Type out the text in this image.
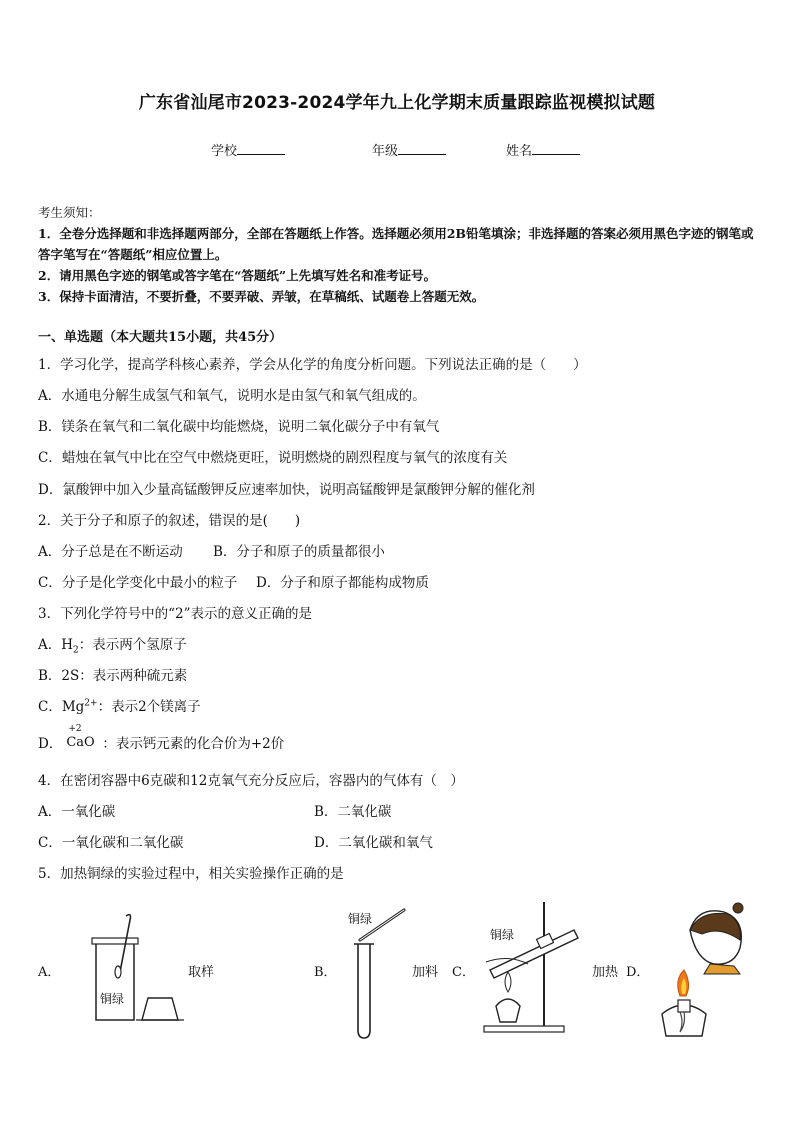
广东省汕尾市2023-2024学年九上化学期末质量跟踪监视模拟试题
学校	年级	姓名
考生须知：
1．全卷分选择题和非选择题两部分，全部在答题纸上作答。选择题必须用2B铅笔填涂；非选择题的答案必须用黑色字迹的钢笔或答字笔写在“答题纸”相应位置上。
2．请用黑色字迹的钢笔或答字笔在“答题纸”上先填写姓名和准考证号。
3．保持卡面清洁，不要折叠，不要弄破、弄皱，在草稿纸、试题卷上答题无效。
一、单选题（本大题共15小题，共45分）
1．学习化学，提高学科核心素养，学会从化学的角度分析问题。下列说法正确的是（　　）
A．水通电分解生成氢气和氧气，说明水是由氢气和氧气组成的。
B．镁条在氧气和二氧化碳中均能燃烧，说明二氧化碳分子中有氧气
C．蜡烛在氧气中比在空气中燃烧更旺，说明燃烧的剧烈程度与氧气的浓度有关
D．氯酸钾中加入少量高锰酸钾反应速率加快，说明高锰酸钾是氯酸钾分解的催化剂
2．关于分子和原子的叙述，错误的是(　　)
A．分子总是在不断运动 B．分子和原子的质量都很小
C．分子是化学变化中最小的粒子 D．分子和原子都能构成物质
3．下列化学符号中的“2”表示的意义正确的是
A．$H_2$：表示两个氢原子
B．2S：表示两种硫元素
C．$Mg^{2+}$：表示2个镁离子
D．
+2
CaO ：表示钙元素的化合价为+2价
4．在密闭容器中6克碳和12克氧气充分反应后，容器内的气体有（　）
A．一氧化碳	B．二氧化碳
C．一氧化碳和二氧化碳	D．二氧化碳和氧气
5．加热铜绿的实验过程中，相关实验操作正确的是
A．
铜绿
取样	B．
铜绿
加料 C．
铜绿
加热 D．
